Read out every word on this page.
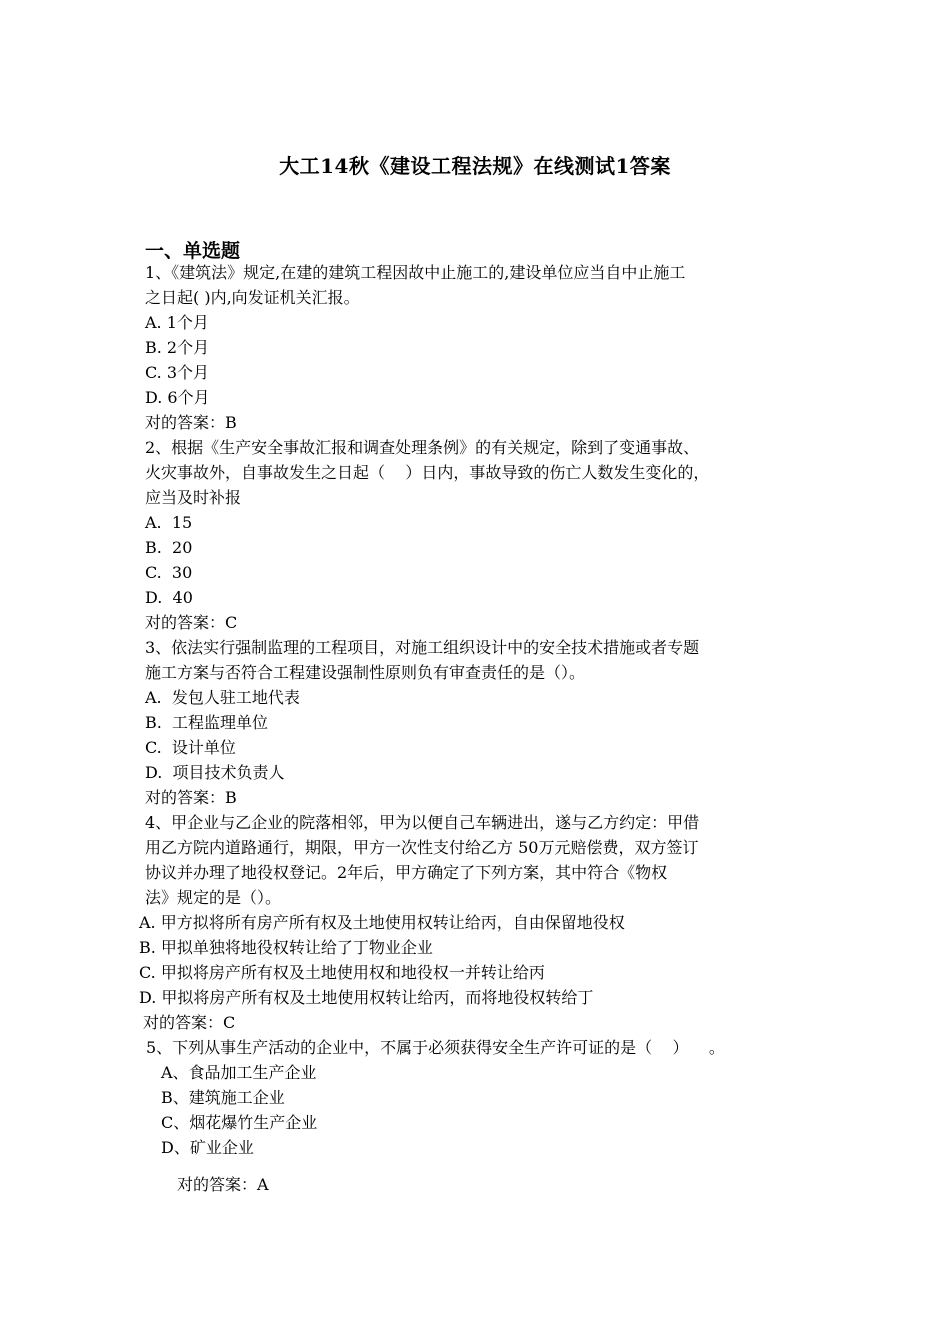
大工14秋《建设工程法规》在线测试1答案
一、单选题

1、《建筑法》规定,在建的建筑工程因故中止施工的,建设单位应当自中止施工

之日起( )内,向发证机关汇报。

A. 1个月

B. 2个月

C. 3个月

D. 6个月

对的答案：B

2、根据《生产安全事故汇报和调查处理条例》的有关规定，除到了变通事故、

火灾事故外，自事故发生之日起（    ）日内，事故导致的伤亡人数发生变化的，

应当及时补报

A.  15

B.  20

C.  30

D.  40

对的答案：C

3、依法实行强制监理的工程项目，对施工组织设计中的安全技术措施或者专题

施工方案与否符合工程建设强制性原则负有审查责任的是（）。

A.  发包人驻工地代表

B.  工程监理单位

C.  设计单位

D.  项目技术负责人

对的答案：B

4、甲企业与乙企业的院落相邻，甲为以便自己车辆进出，遂与乙方约定：甲借

用乙方院内道路通行，期限，甲方一次性支付给乙方 50万元赔偿费，双方签订

协议并办理了地役权登记。2年后，甲方确定了下列方案，其中符合《物权

法》规定的是（）。

A. 甲方拟将所有房产所有权及土地使用权转让给丙，自由保留地役权

B. 甲拟单独将地役权转让给了丁物业企业

C. 甲拟将房产所有权及土地使用权和地役权一并转让给丙

D. 甲拟将房产所有权及土地使用权转让给丙，而将地役权转给丁

对的答案：C

5、下列从事生产活动的企业中，不属于必须获得安全生产许可证的是（    ）    。

A、食品加工生产企业

B、建筑施工企业

C、烟花爆竹生产企业

D、矿业企业

对的答案：A
